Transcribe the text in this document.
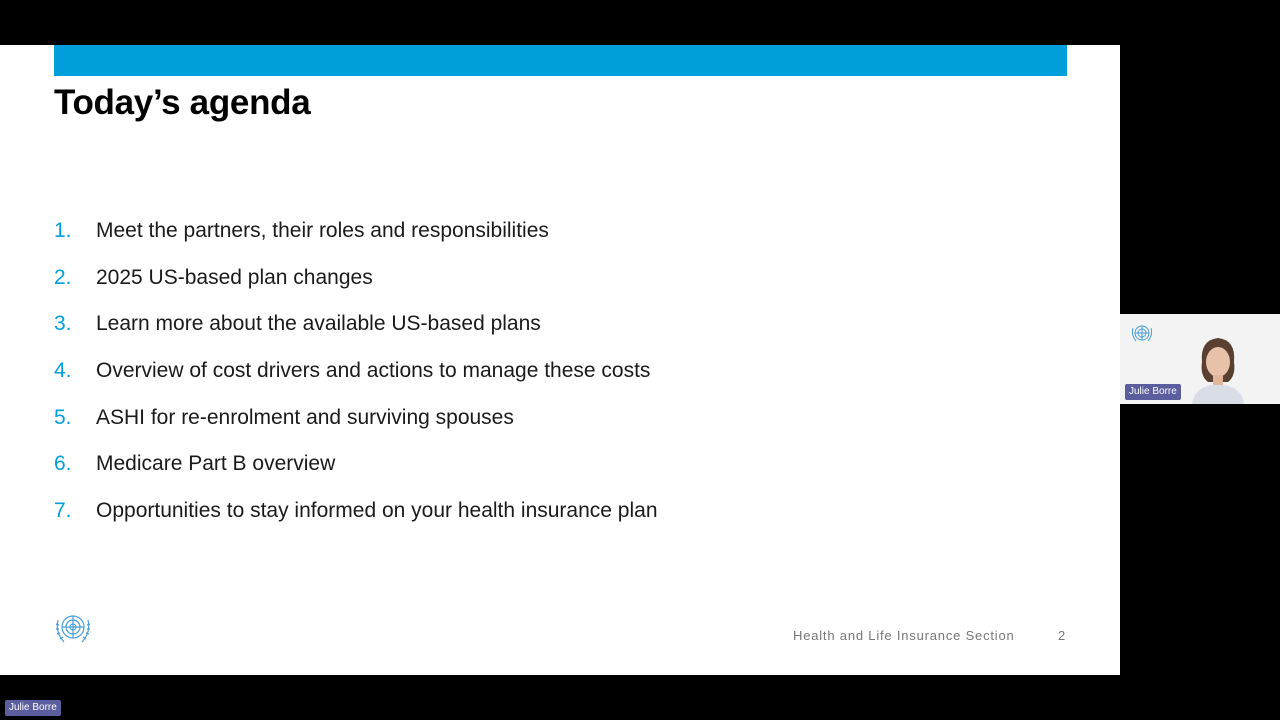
Today’s agenda
1.	Meet the partners, their roles and responsibilities
2.	2025 US-based plan changes
3.	Learn more about the available US-based plans
4.	Overview of cost drivers and actions to manage these costs
5.	ASHI for re-enrolment and surviving spouses
6.	Medicare Part B overview
7.	Opportunities to stay informed on your health insurance plan
Health and Life Insurance Section	2
Julie Borre
Julie Borre
